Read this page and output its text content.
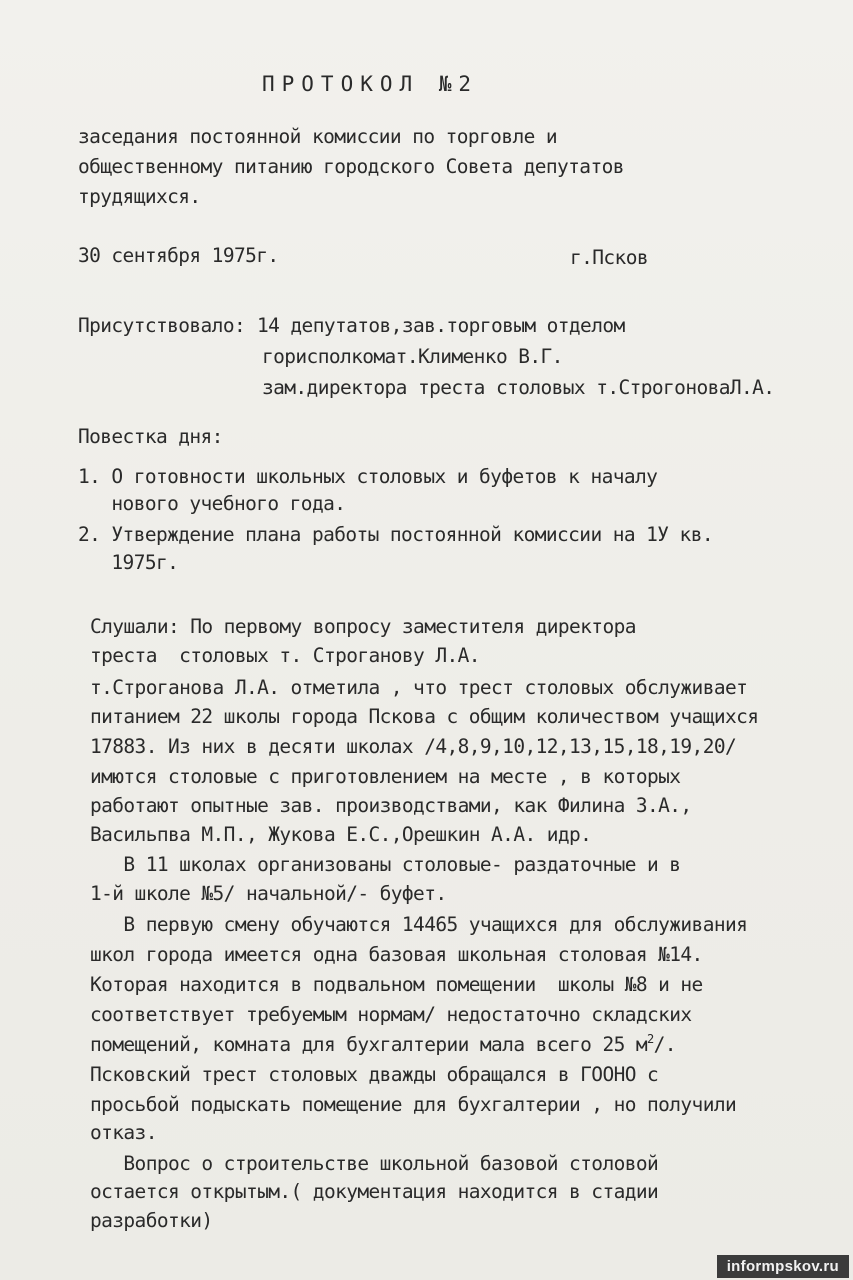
ПРОТОКОЛ №2
заседания постоянной комиссии по торговле и
общественному питанию городского Совета депутатов
трудящихся.
30 сентября 1975г.	г.Псков
Присутствовало: 14 депутатов,зав.торговым отделом
горисполкомат.Клименко В.Г.
зам.директора треста столовых т.СтрогоноваЛ.А.
Повестка дня:
1. О готовности школьных столовых и буфетов к началу
нового учебного года.
2. Утверждение плана работы постоянной комиссии на 1У кв.
1975г.
Слушали: По первому вопросу заместителя директора
треста  столовых т. Строганову Л.А.
т.Строганова Л.А. отметила , что трест столовых обслуживает
питанием 22 школы города Пскова с общим количеством учащихся
17883. Из них в десяти школах /4,8,9,10,12,13,15,18,19,20/
имются столовые с приготовлением на месте , в которых
работают опытные зав. производствами, как Филина З.А.,
Васильпва М.П., Жукова Е.С.,Орешкин А.А. идр.
В 11 школах организованы столовые- раздаточные и в
1-й школе №5/ начальной/- буфет.
В первую смену обучаются 14465 учащихся для обслуживания
школ города имеется одна базовая школьная столовая №14.
Которая находится в подвальном помещении  школы №8 и не
соответствует требуемым нормам/ недостаточно складских
помещений, комната для бухгалтерии мала всего 25 $м^2/$.
Псковский трест столовых дважды обращался в ГООНО с
просьбой подыскать помещение для бухгалтерии , но получили
отказ.
Вопрос о строительстве школьной базовой столовой
остается открытым.( документация находится в стадии
разработки)
informpskov.ru
